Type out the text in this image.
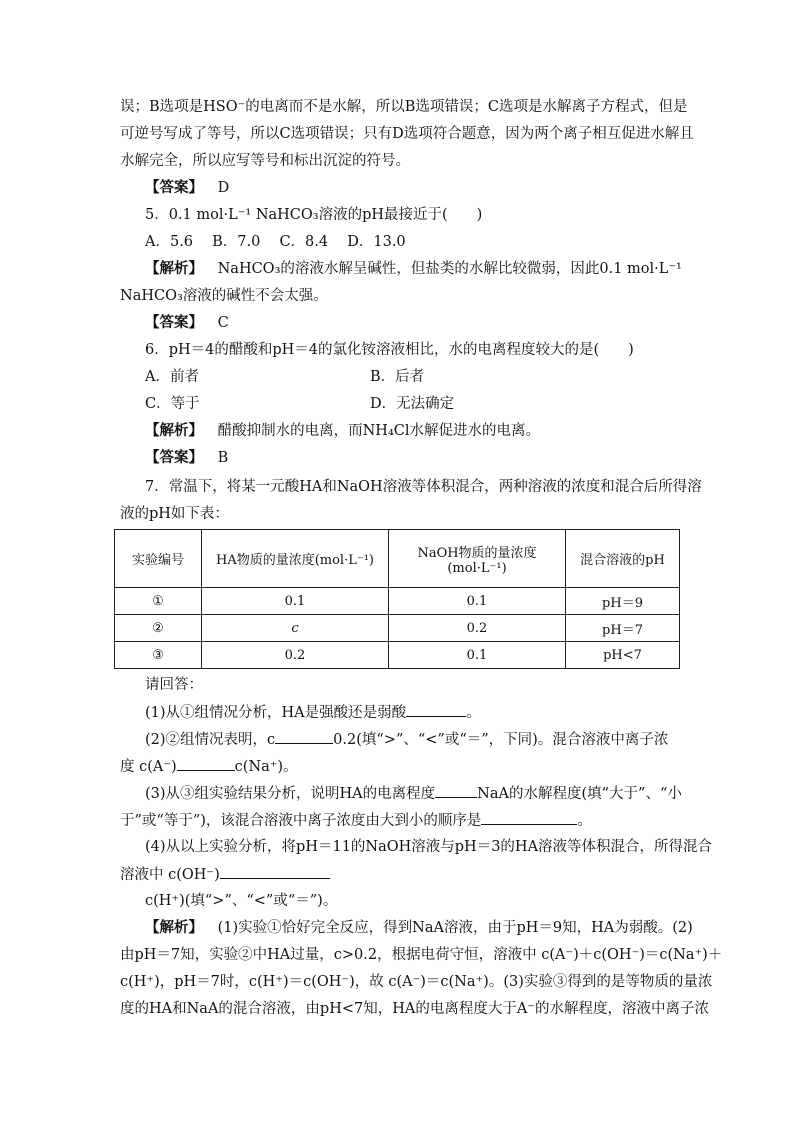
误；B选项是HSO⁻的电离而不是水解，所以B选项错误；C选项是水解离子方程式，但是
可逆号写成了等号，所以C选项错误；只有D选项符合题意，因为两个离子相互促进水解且
水解完全，所以应写等号和标出沉淀的符号。
【答案】 D
5．0.1 mol·L⁻¹ NaHCO₃溶液的pH最接近于(　　)
A．5.6　 B．7.0　 C．8.4　 D．13.0
【解析】 NaHCO₃的溶液水解呈碱性，但盐类的水解比较微弱，因此0.1 mol·L⁻¹
NaHCO₃溶液的碱性不会太强。
【答案】 C
6．pH＝4的醋酸和pH＝4的氯化铵溶液相比，水的电离程度较大的是(　　)
A．前者	B．后者
C．等于	D．无法确定
【解析】 醋酸抑制水的电离，而NH₄Cl水解促进水的电离。
【答案】 B
7．常温下，将某一元酸HA和NaOH溶液等体积混合，两种溶液的浓度和混合后所得溶
液的pH如下表：
实验编号	HA物质的量浓度(mol·L⁻¹)	NaOH物质的量浓度(mol·L⁻¹)	混合溶液的pH
①	0.1	0.1	pH＝9
②	c	0.2	pH＝7
③	0.2	0.1	pH<7
请回答：
(1)从①组情况分析，HA是强酸还是弱酸	。
(2)②组情况表明，c	0.2(填“>”、“<”或“＝”，下同)。混合溶液中离子浓
度 c(A⁻)	c(Na⁺)。
(3)从③组实验结果分析，说明HA的电离程度	NaA的水解程度(填“大于”、“小
于”或“等于”)，该混合溶液中离子浓度由大到小的顺序是	。
(4)从以上实验分析，将pH＝11的NaOH溶液与pH＝3的HA溶液等体积混合，所得混合
溶液中 c(OH⁻)
c(H⁺)(填“>”、“<”或“＝”)。
【解析】 (1)实验①恰好完全反应，得到NaA溶液，由于pH＝9知，HA为弱酸。(2)
由pH＝7知，实验②中HA过量，c>0.2，根据电荷守恒，溶液中 c(A⁻)＋c(OH⁻)＝c(Na⁺)＋
c(H⁺)，pH＝7时，c(H⁺)＝c(OH⁻)，故 c(A⁻)＝c(Na⁺)。(3)实验③得到的是等物质的量浓
度的HA和NaA的混合溶液，由pH<7知，HA的电离程度大于A⁻的水解程度，溶液中离子浓
